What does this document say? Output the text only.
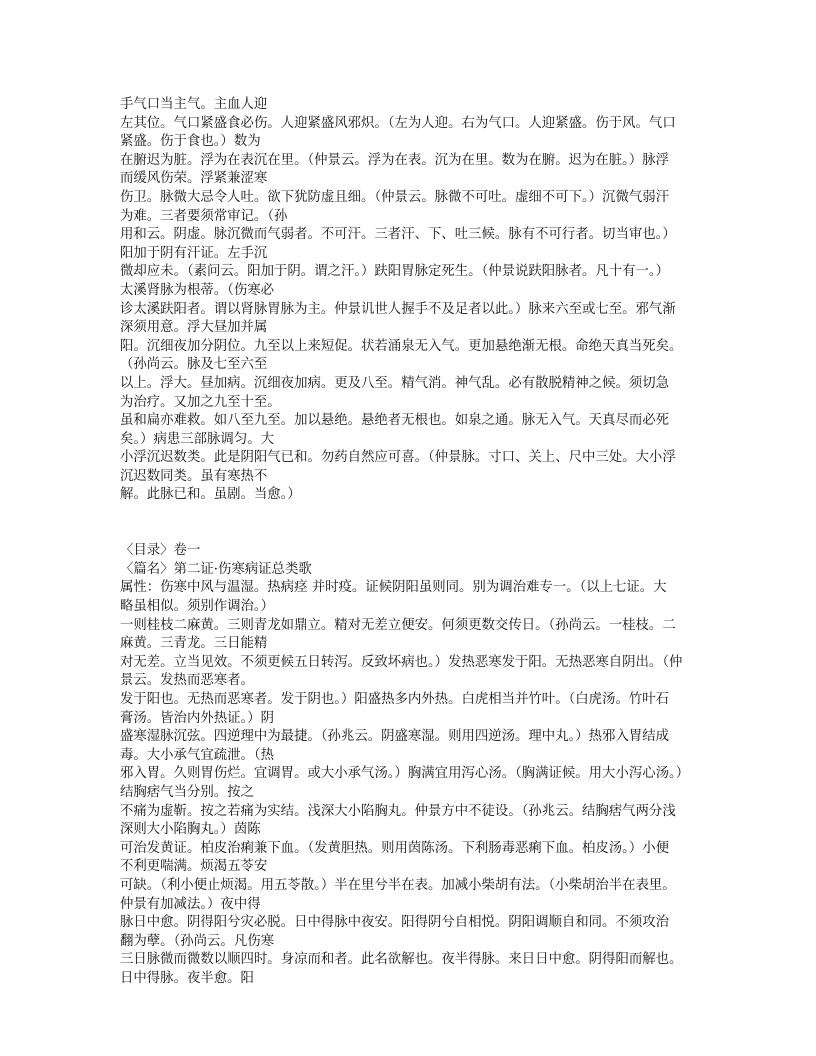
手气口当主气。主血人迎

左其位。气口紧盛食必伤。人迎紧盛风邪炽。（左为人迎。右为气口。人迎紧盛。伤于风。气口

紧盛。伤于食也。）数为

在腑迟为脏。浮为在表沉在里。（仲景云。浮为在表。沉为在里。数为在腑。迟为在脏。）脉浮

而缓风伤荣。浮紧兼涩寒

伤卫。脉微大忌令人吐。欲下犹防虚且细。（仲景云。脉微不可吐。虚细不可下。）沉微气弱汗

为难。三者要须常审记。（孙

用和云。阴虚。脉沉微而气弱者。不可汗。三者汗、下、吐三候。脉有不可行者。切当审也。）

阳加于阴有汗证。左手沉

微却应未。（素问云。阳加于阴。谓之汗。）趺阳胃脉定死生。（仲景说趺阳脉者。凡十有一。）

太溪肾脉为根蒂。（伤寒必

诊太溪趺阳者。谓以肾脉胃脉为主。仲景讥世人握手不及足者以此。）脉来六至或七至。邪气渐

深须用意。浮大昼加并属

阳。沉细夜加分阴位。九至以上来短促。状若涌泉无入气。更加悬绝渐无根。命绝天真当死矣。

（孙尚云。脉及七至六至

以上。浮大。昼加病。沉细夜加病。更及八至。精气消。神气乱。必有散脱精神之候。须切急

为治疗。又加之九至十至。

虽和扁亦难救。如八至九至。加以悬绝。悬绝者无根也。如泉之通。脉无入气。天真尽而必死

矣。）病患三部脉调匀。大

小浮沉迟数类。此是阴阳气已和。勿药自然应可喜。（仲景脉。寸口、关上、尺中三处。大小浮

沉迟数同类。虽有寒热不

解。此脉已和。虽剧。当愈。）

〈目录〉卷一

〈篇名〉第二证·伤寒病证总类歌

属性：伤寒中风与温湿。热病痉 并时疫。证候阴阳虽则同。别为调治难专一。（以上七证。大

略虽相似。须别作调治。）

一则桂枝二麻黄。三则青龙如鼎立。精对无差立便安。何须更数交传日。（孙尚云。一桂枝。二

麻黄。三青龙。三日能精

对无差。立当见效。不须更候五日转泻。反致坏病也。）发热恶寒发于阳。无热恶寒自阴出。（仲

景云。发热而恶寒者。

发于阳也。无热而恶寒者。发于阴也。）阳盛热多内外热。白虎相当并竹叶。（白虎汤。竹叶石

膏汤。皆治内外热证。）阴

盛寒湿脉沉弦。四逆理中为最捷。（孙兆云。阴盛寒湿。则用四逆汤。理中丸。）热邪入胃结成

毒。大小承气宜疏泄。（热

邪入胃。久则胃伤烂。宜调胃。或大小承气汤。）胸满宜用泻心汤。（胸满证候。用大小泻心汤。）

结胸痞气当分别。按之

不痛为虚靳。按之若痛为实结。浅深大小陷胸丸。仲景方中不徒设。（孙兆云。结胸痞气两分浅

深则大小陷胸丸。）茵陈

可治发黄证。柏皮治痢兼下血。（发黄胆热。则用茵陈汤。下利肠毒恶痢下血。柏皮汤。）小便

不利更喘满。烦渴五苓安

可缺。（利小便止烦渴。用五苓散。）半在里兮半在表。加减小柴胡有法。（小柴胡治半在表里。

仲景有加减法。）夜中得

脉日中愈。阴得阳兮灾必脱。日中得脉中夜安。阳得阴兮自相悦。阴阳调顺自和同。不须攻治

翻为孽。（孙尚云。凡伤寒

三日脉微而微数以顺四时。身凉而和者。此名欲解也。夜半得脉。来日日中愈。阴得阳而解也。

日中得脉。夜半愈。阳
